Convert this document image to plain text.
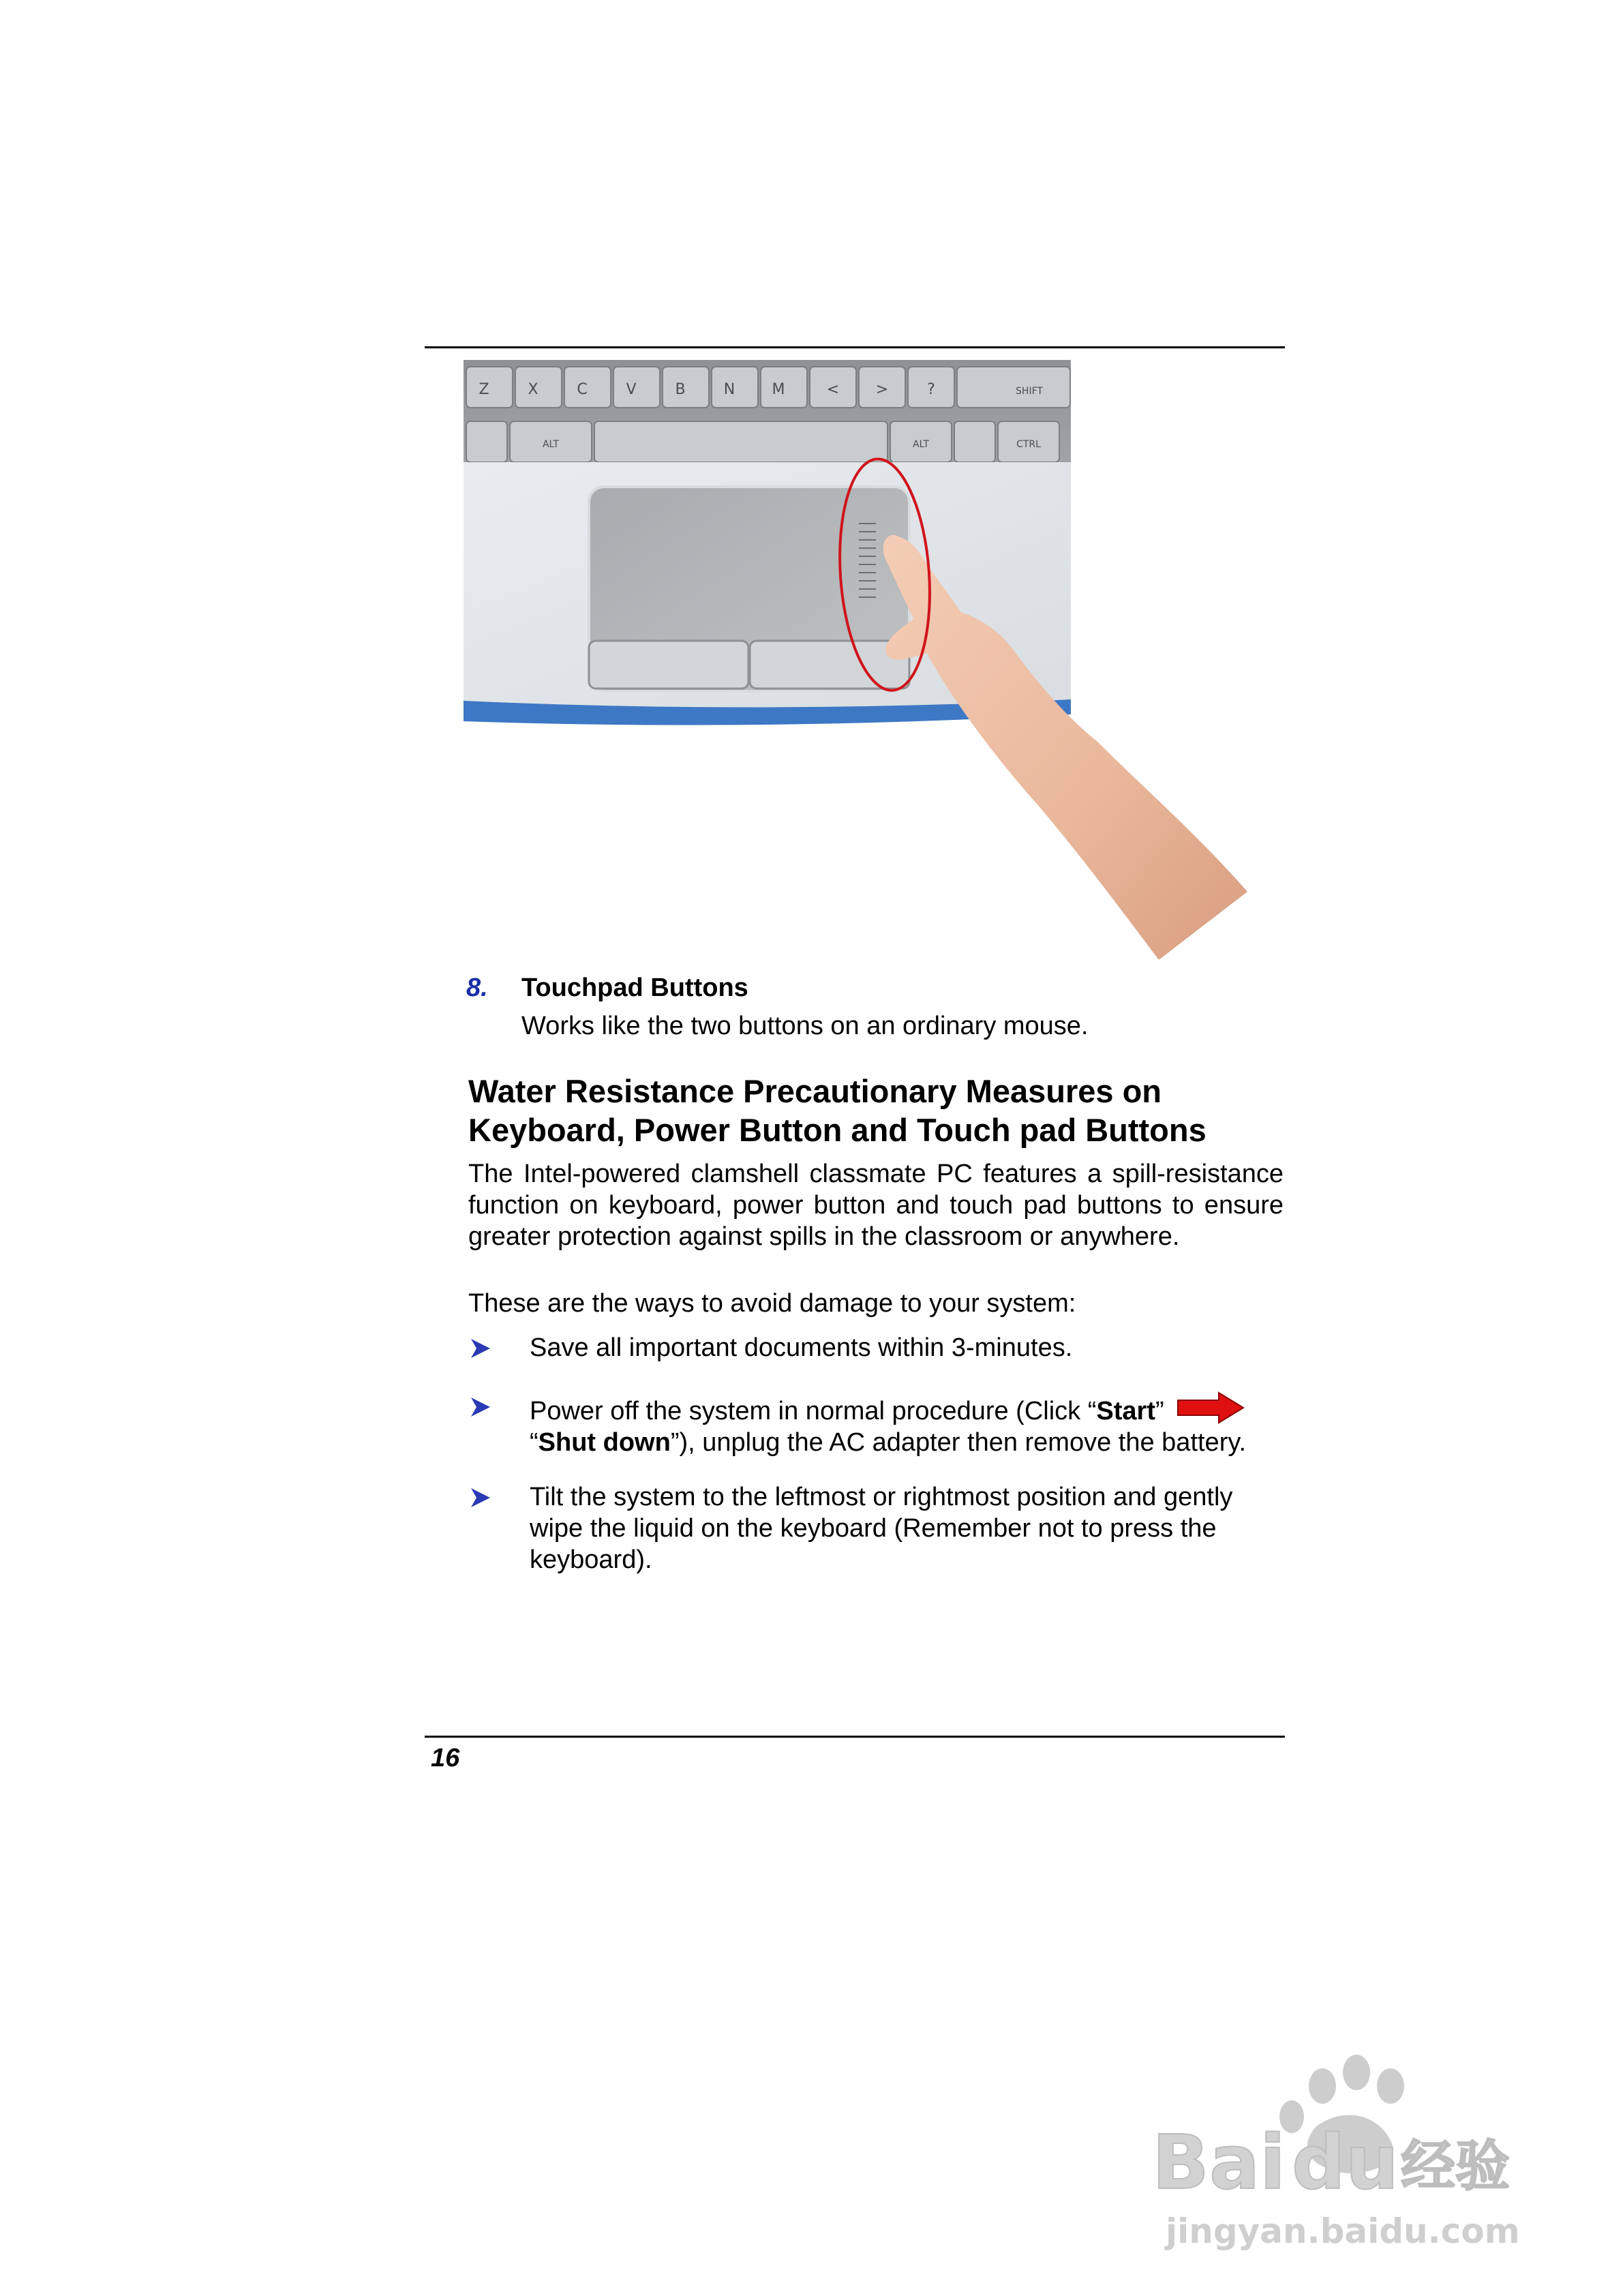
Z	X	C	V	B	N M	< >	?	SHIFT
ALT	ALT	CTRL
8. Touchpad Buttons
Works like the two buttons on an ordinary mouse.
Water Resistance Precautionary Measures on Keyboard, Power Button and Touch pad Buttons
The Intel-powered clamshell classmate PC features a spill-resistance function on keyboard, power button and touch pad buttons to ensure greater protection against spills in the classroom or anywhere.
These are the ways to avoid damage to your system:
Save all important documents within 3-minutes.
Power off the system in normal procedure (Click “Start”
“Shut down”), unplug the AC adapter then remove the battery.
Tilt the system to the leftmost or rightmost position and gently wipe the liquid on the keyboard (Remember not to press the keyboard).
16
Bai du 经验
jingyan.baidu.com
